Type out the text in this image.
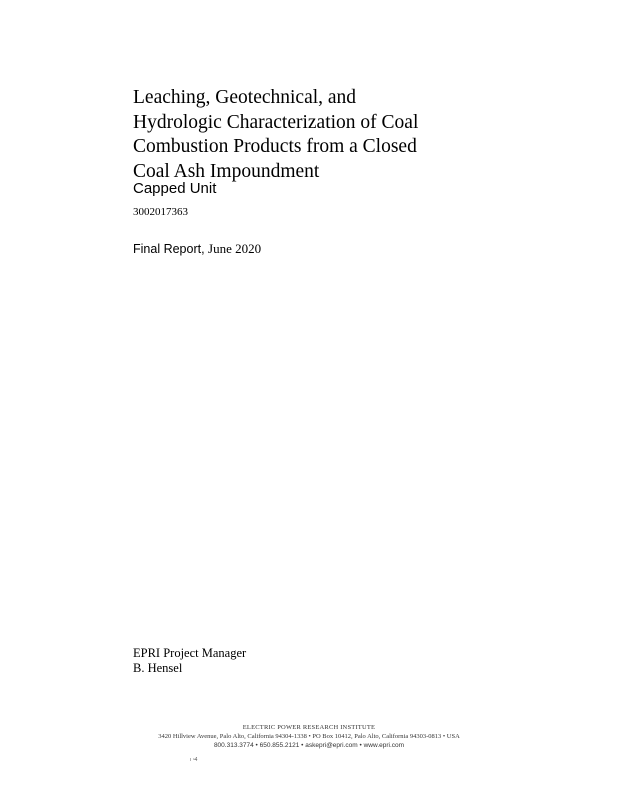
Leaching, Geotechnical, and
Hydrologic Characterization of Coal
Combustion Products from a Closed
Coal Ash Impoundment
Capped Unit
3002017363
Final Report, June 2020
EPRI Project Manager
B. Hensel
ELECTRIC POWER RESEARCH INSTITUTE
3420 Hillview Avenue, Palo Alto, California 94304-1338 • PO Box 10412, Palo Alto, California 94303-0813 • USA
800.313.3774 • 650.855.2121 • askepri@epri.com • www.epri.com
ı ⁿ4
